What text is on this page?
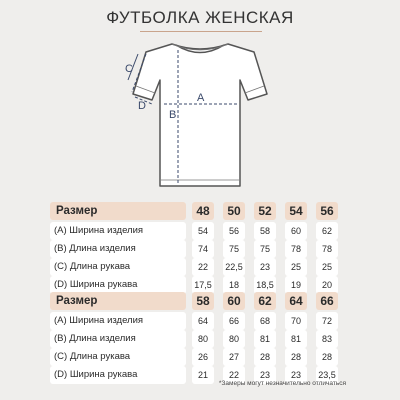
ФУТБОЛКА ЖЕНСКАЯ
A
B
C
D
Размер	48	50	52	54	56
(A) Ширина изделия	54	56	58	60	62
(B) Длина изделия	74	75	75	78	78
(C) Длина рукава	22	22,5	23	25	25
(D) Ширина рукава	17,5	18	18,5	19	20
Размер	58	60	62	64	66
(A) Ширина изделия	64	66	68	70	72
(B) Длина изделия	80	80	81	81	83
(C) Длина рукава	26	27	28	28	28
(D) Ширина рукава	21	22	23	23	23,5
*Замеры могут незначительно отличаться
